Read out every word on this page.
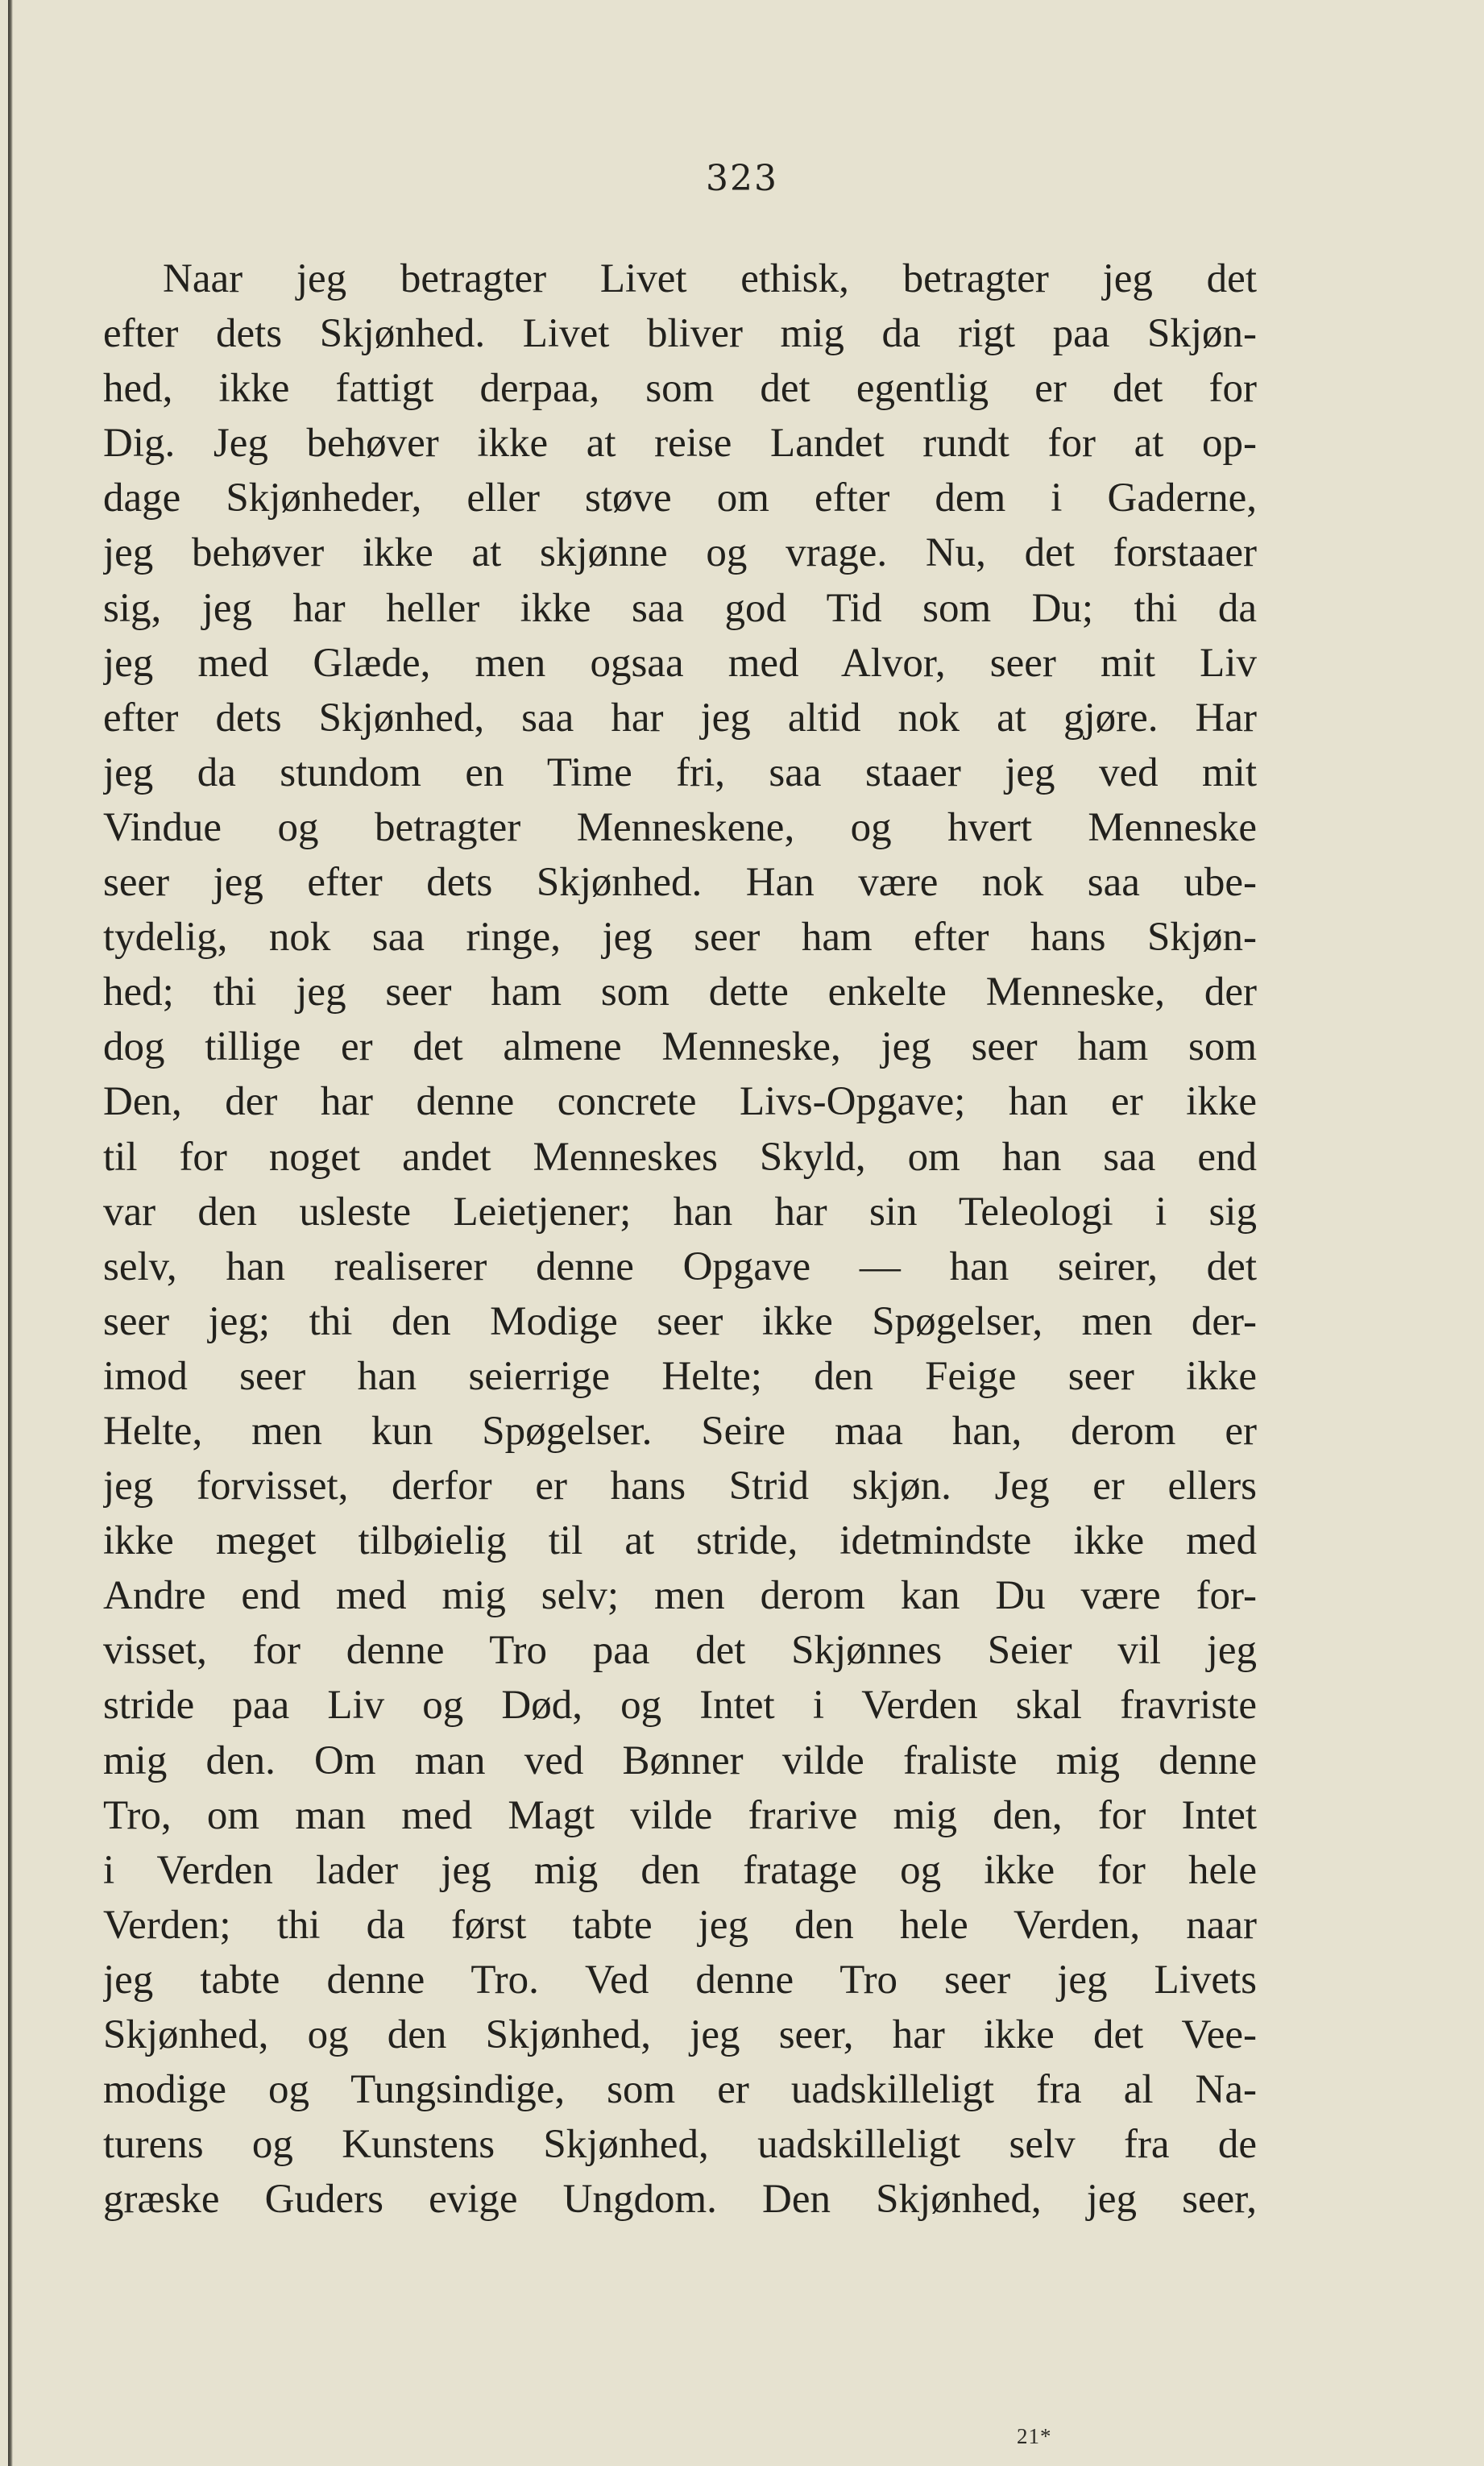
323
Naar jeg betragter Livet ethisk, betragter jeg det
efter dets Skjønhed. Livet bliver mig da rigt paa Skjøn-
hed, ikke fattigt derpaa, som det egentlig er det for
Dig. Jeg behøver ikke at reise Landet rundt for at op-
dage Skjønheder, eller støve om efter dem i Gaderne,
jeg behøver ikke at skjønne og vrage. Nu, det forstaaer
sig, jeg har heller ikke saa god Tid som Du; thi da
jeg med Glæde, men ogsaa med Alvor, seer mit Liv
efter dets Skjønhed, saa har jeg altid nok at gjøre. Har
jeg da stundom en Time fri, saa staaer jeg ved mit
Vindue og betragter Menneskene, og hvert Menneske
seer jeg efter dets Skjønhed. Han være nok saa ube-
tydelig, nok saa ringe, jeg seer ham efter hans Skjøn-
hed; thi jeg seer ham som dette enkelte Menneske, der
dog tillige er det almene Menneske, jeg seer ham som
Den, der har denne concrete Livs-Opgave; han er ikke
til for noget andet Menneskes Skyld, om han saa end
var den usleste Leietjener; han har sin Teleologi i sig
selv, han realiserer denne Opgave — han seirer, det
seer jeg; thi den Modige seer ikke Spøgelser, men der-
imod seer han seierrige Helte; den Feige seer ikke
Helte, men kun Spøgelser. Seire maa han, derom er
jeg forvisset, derfor er hans Strid skjøn. Jeg er ellers
ikke meget tilbøielig til at stride, idetmindste ikke med
Andre end med mig selv; men derom kan Du være for-
visset, for denne Tro paa det Skjønnes Seier vil jeg
stride paa Liv og Død, og Intet i Verden skal fravriste
mig den. Om man ved Bønner vilde fraliste mig denne
Tro, om man med Magt vilde frarive mig den, for Intet
i Verden lader jeg mig den fratage og ikke for hele
Verden; thi da først tabte jeg den hele Verden, naar
jeg tabte denne Tro. Ved denne Tro seer jeg Livets
Skjønhed, og den Skjønhed, jeg seer, har ikke det Vee-
modige og Tungsindige, som er uadskilleligt fra al Na-
turens og Kunstens Skjønhed, uadskilleligt selv fra de
græske Guders evige Ungdom. Den Skjønhed, jeg seer,
21*
